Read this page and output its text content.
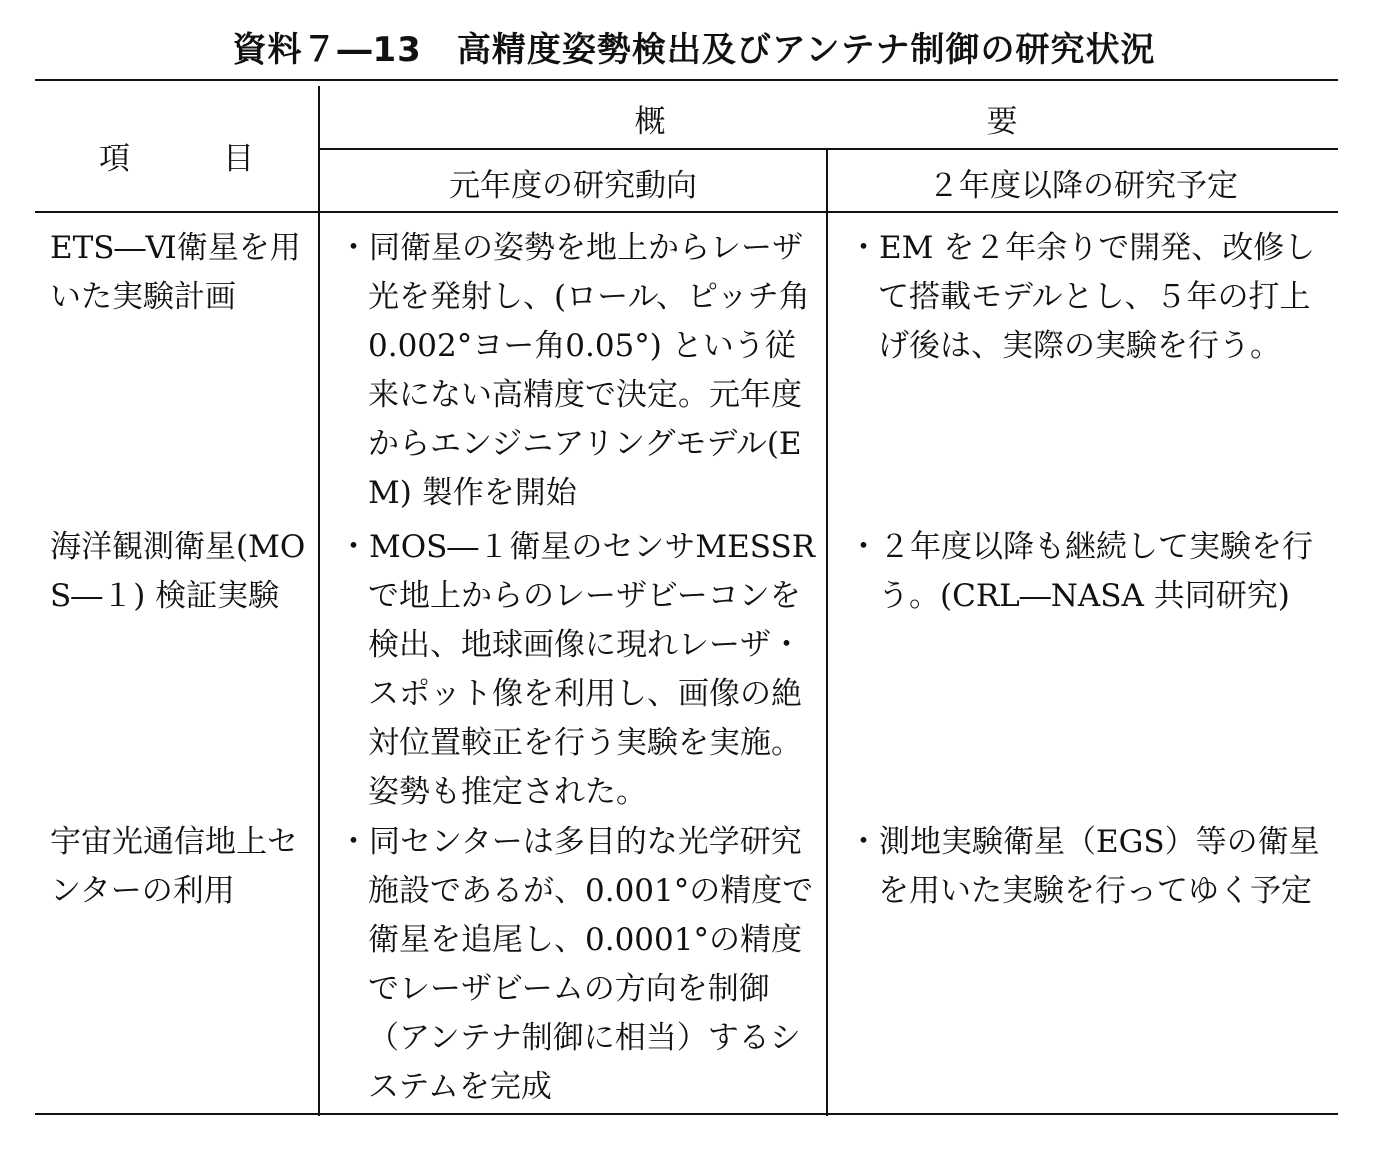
資料７―13　高精度姿勢検出及びアンテナ制御の研究状況
項　　　目
概	要
元年度の研究動向	２年度以降の研究予定
ETS―Ⅵ衛星を用いた実験計画
・同衛星の姿勢を地上からレーザ光を発射し、(ロール、ピッチ角0.002°ヨー角0.05°) という従来にない高精度で決定。元年度からエンジニアリングモデル(EM) 製作を開始
・EM を２年余りで開発、改修して搭載モデルとし、５年の打上げ後は、実際の実験を行う。
海洋観測衛星(MOS―１) 検証実験
・MOS―１衛星のセンサMESSR で地上からのレーザビーコンを検出、地球画像に現れレーザ・スポット像を利用し、画像の絶対位置較正を行う実験を実施。姿勢も推定された。
・２年度以降も継続して実験を行う。(CRL―NASA 共同研究)
宇宙光通信地上センターの利用
・同センターは多目的な光学研究施設であるが、0.001°の精度で衛星を追尾し、0.0001°の精度でレーザビームの方向を制御（アンテナ制御に相当）するシステムを完成
・測地実験衛星（EGS）等の衛星を用いた実験を行ってゆく予定
